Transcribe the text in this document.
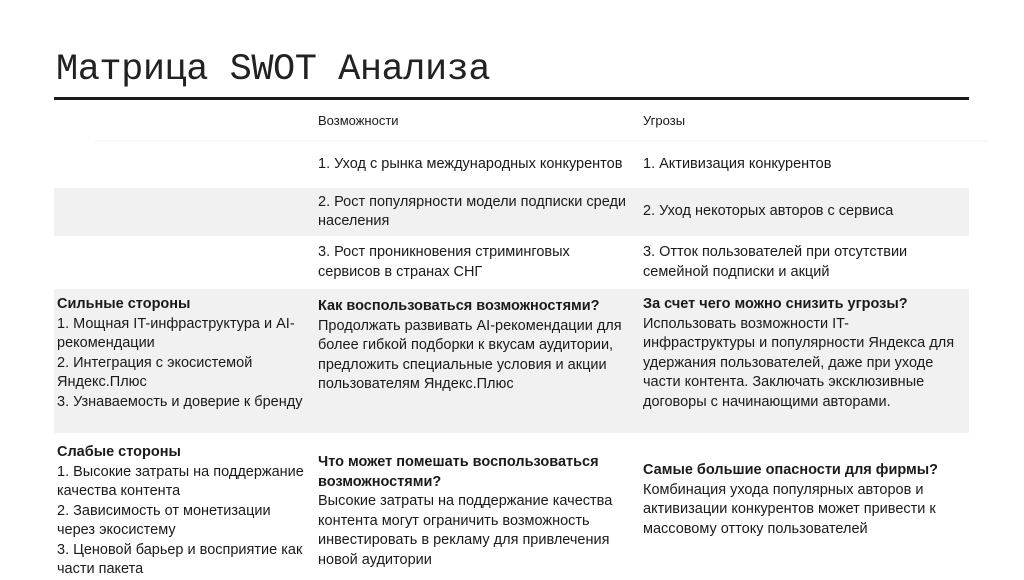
Матрица SWOT Анализа
Возможности	Угрозы
1. Уход с рынка международных конкурентов	1. Активизация конкурентов
2. Рост популярности модели подписки среди населения
2. Уход некоторых авторов с сервиса
3. Рост проникновения стриминговых сервисов в странах СНГ
3. Отток пользователей при отсутствии семейной подписки и акций
Сильные стороны
1. Мощная IT-инфраструктура и AI-рекомендации
2. Интеграция с экосистемой Яндекс.Плюс
3. Узнаваемость и доверие к бренду
Как воспользоваться возможностями?
Продолжать развивать AI-рекомендации для более гибкой подборки к вкусам аудитории, предложить специальные условия и акции пользователям Яндекс.Плюс
За счет чего можно снизить угрозы?
Использовать возможности IT-инфраструктуры и популярности Яндекса для удержания пользователей, даже при уходе части контента. Заключать эксклюзивные договоры с начинающими авторами.
Слабые стороны
1. Высокие затраты на поддержание качества контента
2. Зависимость от монетизации через экосистему
3. Ценовой барьер и восприятие как части пакета
Что может помешать воспользоваться возможностями?
Высокие затраты на поддержание качества контента могут ограничить возможность инвестировать в рекламу для привлечения новой аудитории
Самые большие опасности для фирмы?
Комбинация ухода популярных авторов и активизации конкурентов может привести к массовому оттоку пользователей
